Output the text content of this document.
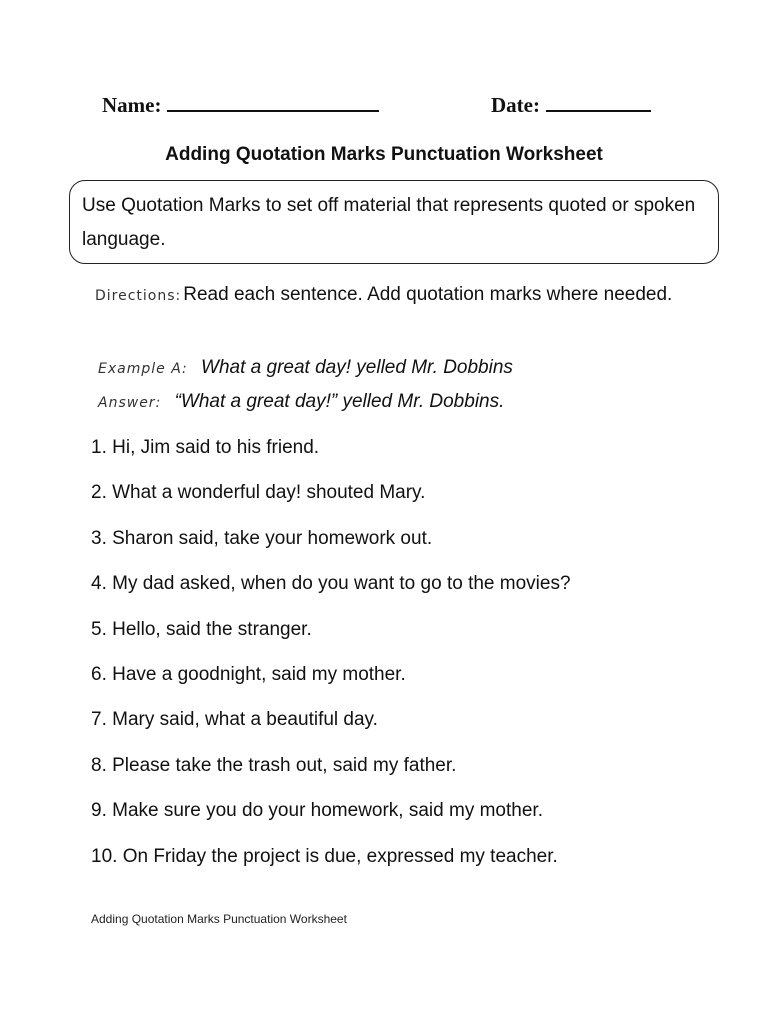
Name:	Date:
Adding Quotation Marks Punctuation Worksheet
Use Quotation Marks to set off material that represents quoted or spoken language.
Directions: Read each sentence. Add quotation marks where needed.
Example A: What a great day! yelled Mr. Dobbins
Answer: “What a great day!” yelled Mr. Dobbins.
1. Hi, Jim said to his friend.
2. What a wonderful day! shouted Mary.
3. Sharon said, take your homework out.
4. My dad asked, when do you want to go to the movies?
5. Hello, said the stranger.
6. Have a goodnight, said my mother.
7. Mary said, what a beautiful day.
8. Please take the trash out, said my father.
9. Make sure you do your homework, said my mother.
10. On Friday the project is due, expressed my teacher.
Adding Quotation Marks Punctuation Worksheet
